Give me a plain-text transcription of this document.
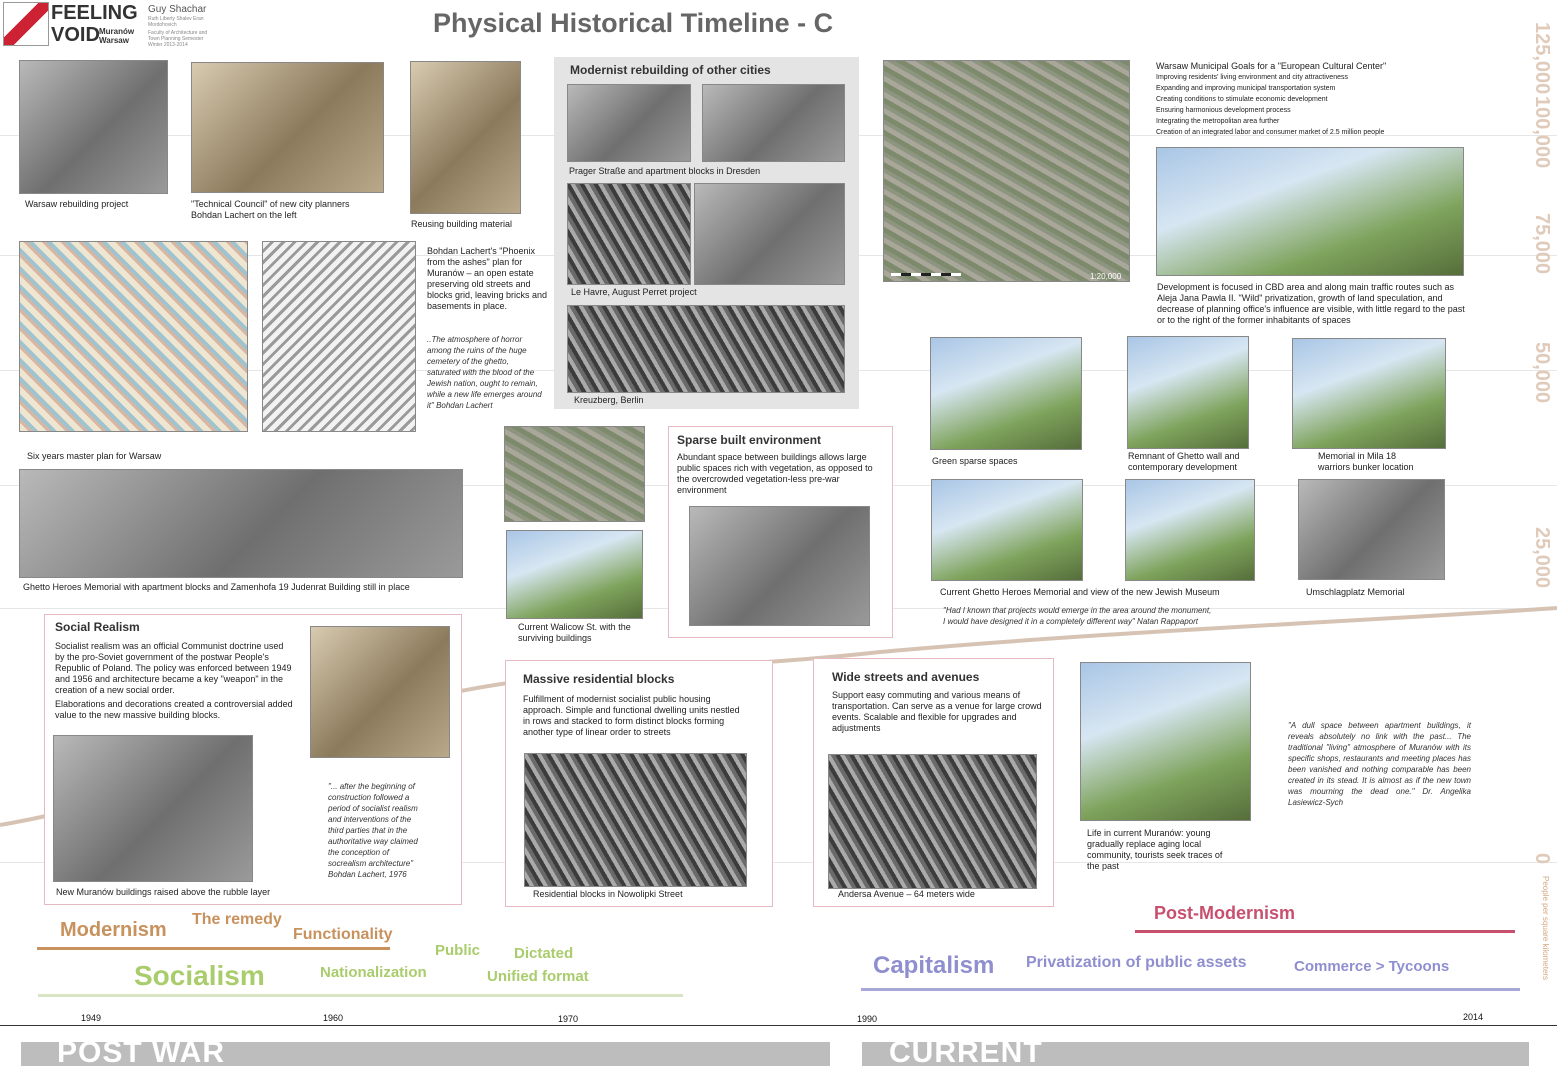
FEELING
VOID Muranów
Warsaw
Guy Shachar
Ruth Liberty Shalev Eran Mordohovich
Faculty of Architecture and Town Planning Semester Winter 2013-2014
Physical Historical Timeline - C	125,000
100,000
75,000
50,000
25,000
0
People per square kilometers
Warsaw rebuilding project	"Technical Council" of new city planners Bohdan Lachert on the left
Reusing building material
Six years master plan for Warsaw
Bohdan Lachert's "Phoenix from the ashes" plan for Muranów – an open estate preserving old streets and blocks grid, leaving bricks and basements in place.
..The atmosphere of horror among the ruins of the huge cemetery of the ghetto, saturated with the blood of the Jewish nation, ought to remain, while a new life emerges around it" Bohdan Lachert
Ghetto Heroes Memorial with apartment blocks and Zamenhofa 19 Judenrat Building still in place
Modernist rebuilding of other cities
Prager Straße and apartment blocks in Dresden
Le Havre, August Perret project
Kreuzberg, Berlin
1:20,000
Warsaw Municipal Goals for a "European Cultural Center"
Improving residents' living environment and city attractiveness
Expanding and improving municipal transportation system
Creating conditions to stimulate economic development
Ensuring harmonious development process
Integrating the metropolitan area further
Creation of an integrated labor and consumer market of 2.5 million people
Development is focused in CBD area and along main traffic routes such as Aleja Jana Pawla II. "Wild" privatization, growth of land speculation, and decrease of planning office's influence are visible, with little regard to the past or to the right of the former inhabitants of spaces
Green sparse spaces	Remnant of Ghetto wall and contemporary development
Memorial in Mila 18 warriors bunker location
Current Ghetto Heroes Memorial and view of the new Jewish Museum	Umschlagplatz Memorial
"Had I known that projects would emerge in the area around the monument, I would have designed it in a completely different way" Natan Rappaport
Current Walicow St. with the surviving buildings
Sparse built environment
Abundant space between buildings allows large public spaces rich with vegetation, as opposed to the overcrowded vegetation-less pre-war environment
Social Realism
Socialist realism was an official Communist doctrine used by the pro-Soviet government of the postwar People's Republic of Poland. The policy was enforced between 1949 and 1956 and architecture became a key "weapon" in the creation of a new social order.
Elaborations and decorations created a controversial added value to the new massive building blocks.
"... after the beginning of construction followed a period of socialist realism and interventions of the third parties that in the authoritative way claimed the conception of socrealism architecture" Bohdan Lachert, 1976
New Muranów buildings raised above the rubble layer
Massive residential blocks
Fulfillment of modernist socialist public housing approach. Simple and functional dwelling units nestled in rows and stacked to form distinct blocks forming another type of linear order to streets
Residential blocks in Nowolipki Street
Wide streets and avenues
Support easy commuting and various means of transportation. Can serve as a venue for large crowd events. Scalable and flexible for upgrades and adjustments
Andersa Avenue – 64 meters wide
Life in current Muranów: young gradually replace aging local community, tourists seek traces of the past
"A dull space between apartment buildings, it reveals absolutely no link with the past... The traditional "living" atmosphere of Muranów with its specific shops, restaurants and meeting places has been vanished and nothing comparable has been created in its stead. It is almost as if the new town was mourning the dead one." Dr. Angelika Lasiewicz-Sych
Modernism The remedy
Functionality
Socialism	Nationalization
Public Dictated
Unified format
Post-Modernism
Capitalism Privatization of public assets	Commerce > Tycoons
1949	1960	1970	1990	2014
POST WAR	CURRENT
